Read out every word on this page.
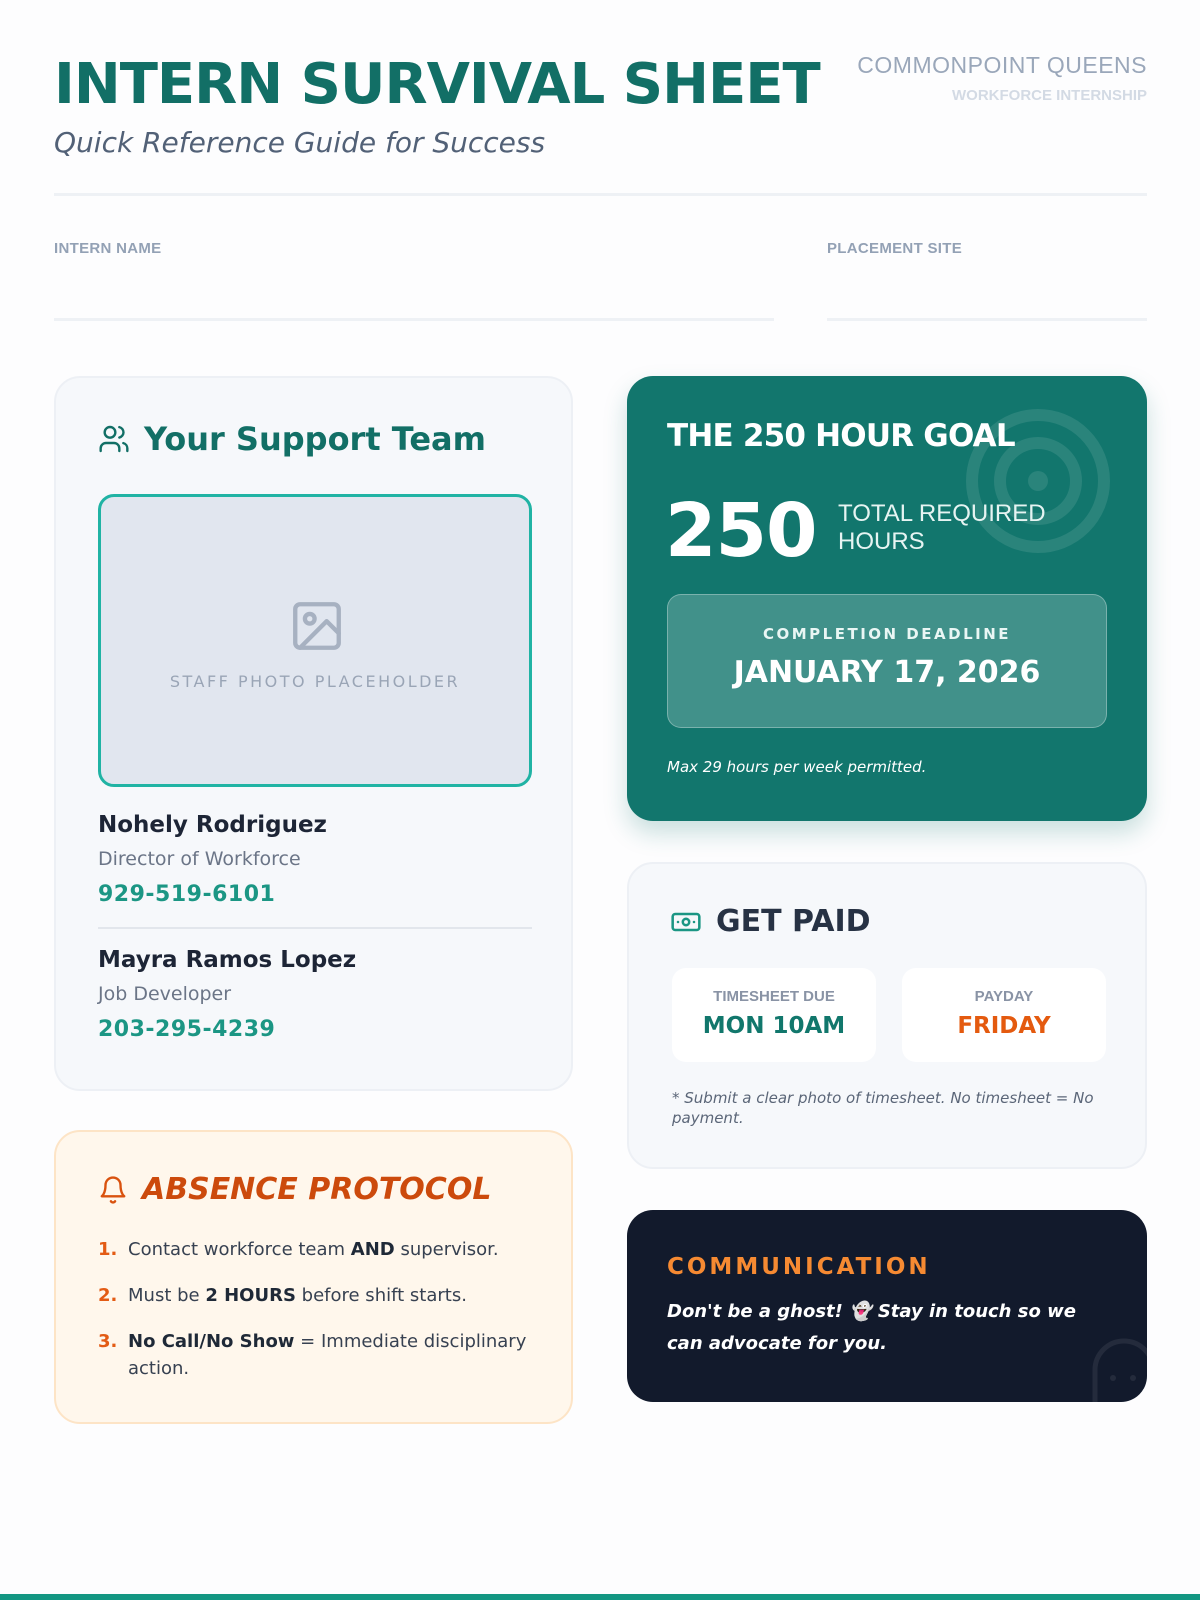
INTERN SURVIVAL SHEET
Quick Reference Guide for Success
COMMONPOINT QUEENS
WORKFORCE INTERNSHIP
INTERN NAME	PLACEMENT SITE
Your Support Team
STAFF PHOTO PLACEHOLDER
Nohely Rodriguez
Director of Workforce
929-519-6101
Mayra Ramos Lopez
Job Developer
203-295-4239
ABSENCE PROTOCOL
1. Contact workforce team AND supervisor.
2. Must be 2 HOURS before shift starts.
3. No Call/No Show = Immediate disciplinary action.
THE 250 HOUR GOAL
250 TOTAL REQUIRED HOURS
COMPLETION DEADLINE
JANUARY 17, 2026
Max 29 hours per week permitted.
GET PAID
TIMESHEET DUE
MON 10AM
PAYDAY
FRIDAY
* Submit a clear photo of timesheet. No timesheet = No payment.
COMMUNICATION
Don't be a ghost! 👻 Stay in touch so we can advocate for you.
